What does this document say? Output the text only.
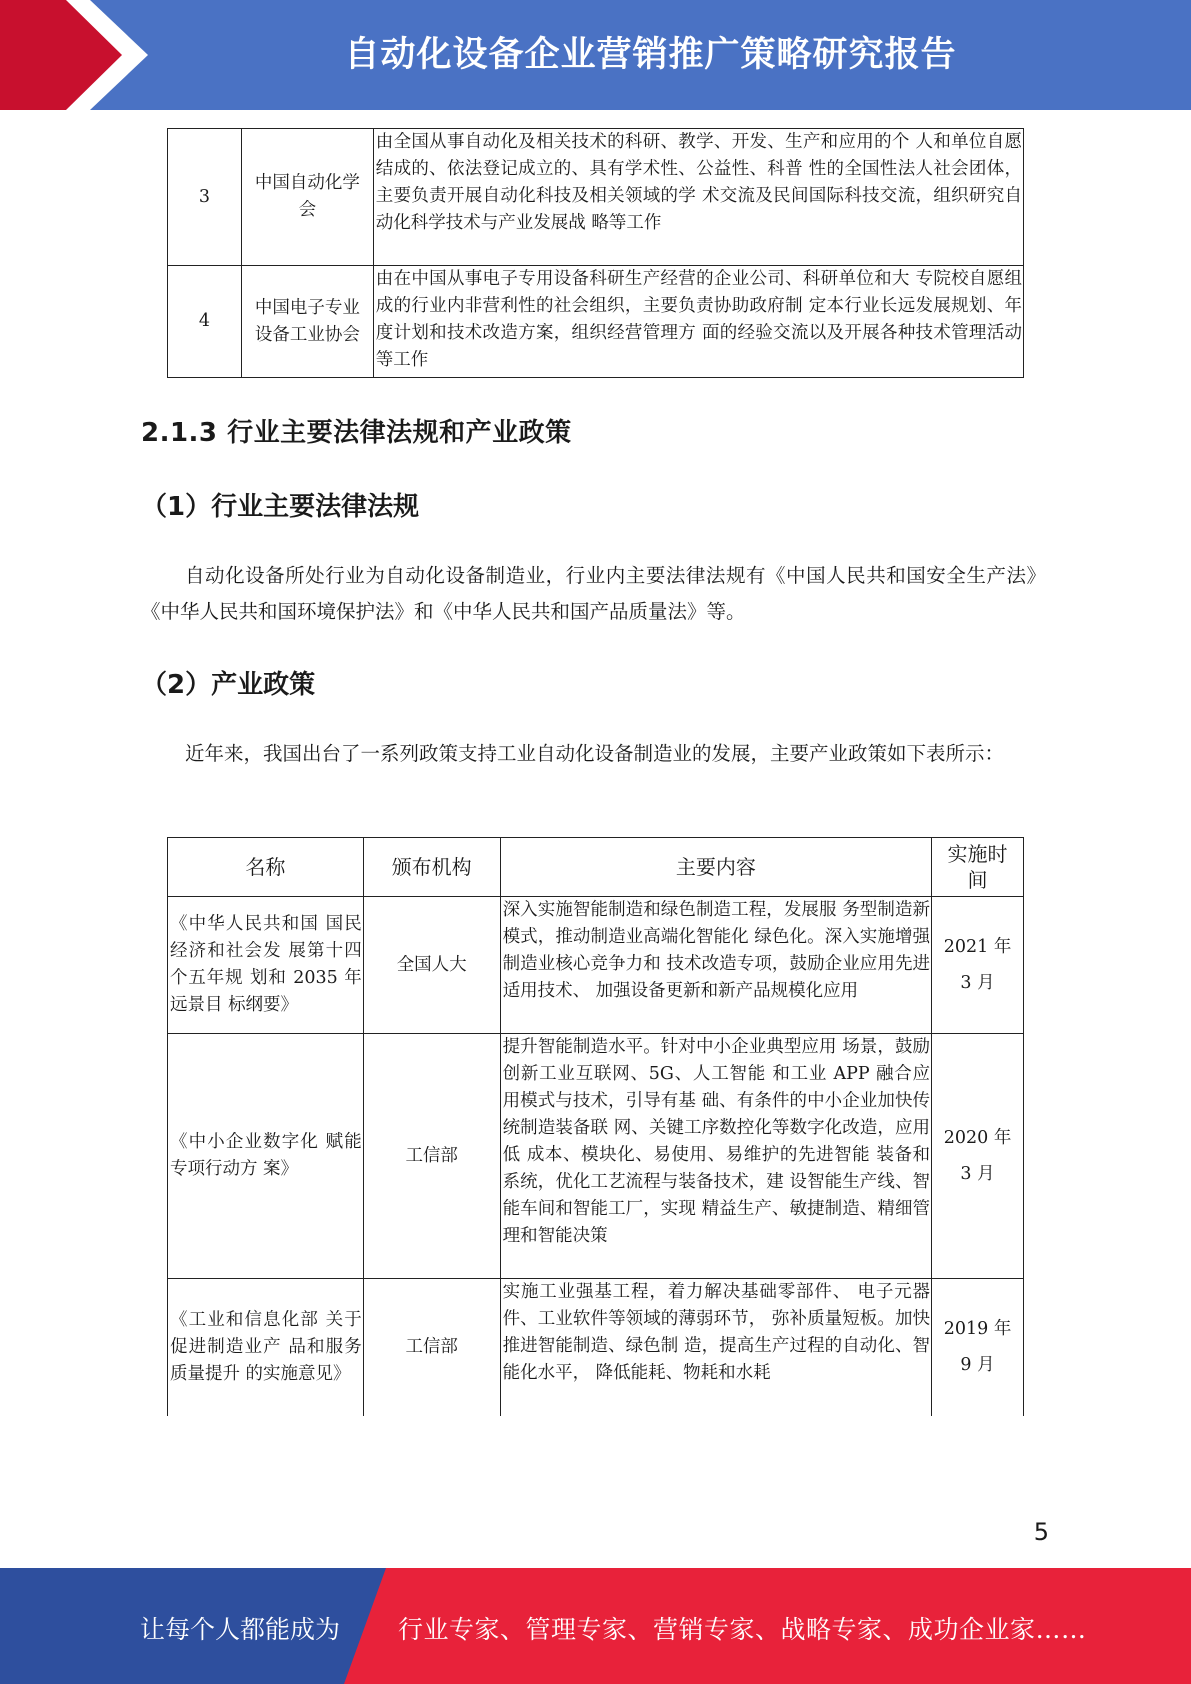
自动化设备企业营销推广策略研究报告
3	中国自动化学会	由全国从事自动化及相关技术的科研、教学、开发、生产和应用的个 人和单位自愿结成的、依法登记成立的、具有学术性、公益性、科普 性的全国性法人社会团体，主要负责开展自动化科技及相关领域的学 术交流及民间国际科技交流，组织研究自动化科学技术与产业发展战 略等工作
4	中国电子专业设备工业协会	由在中国从事电子专用设备科研生产经营的企业公司、科研单位和大 专院校自愿组成的行业内非营利性的社会组织，主要负责协助政府制 定本行业长远发展规划、年度计划和技术改造方案，组织经营管理方 面的经验交流以及开展各种技术管理活动等工作
2.1.3 行业主要法律法规和产业政策
（1）行业主要法律法规
自动化设备所处行业为自动化设备制造业，行业内主要法律法规有《中国人民共和国安全生产法》《中华人民共和国环境保护法》和《中华人民共和国产品质量法》等。
（2）产业政策
近年来，我国出台了一系列政策支持工业自动化设备制造业的发展，主要产业政策如下表所示：
名称	颁布机构	主要内容	实施时间
《中华人民共和国 国民经济和社会发 展第十四个五年规 划和 2035 年远景目 标纲要》	全国人大	深入实施智能制造和绿色制造工程，发展服 务型制造新模式，推动制造业高端化智能化 绿色化。深入实施增强制造业核心竞争力和 技术改造专项，鼓励企业应用先进适用技术、 加强设备更新和新产品规模化应用	2021 年 3 月
《中小企业数字化 赋能专项行动方 案》	工信部	提升智能制造水平。针对中小企业典型应用 场景，鼓励创新工业互联网、5G、人工智能 和工业 APP 融合应用模式与技术，引导有基 础、有条件的中小企业加快传统制造装备联 网、关键工序数控化等数字化改造，应用低 成本、模块化、易使用、易维护的先进智能 装备和系统，优化工艺流程与装备技术，建 设智能生产线、智能车间和智能工厂，实现 精益生产、敏捷制造、精细管理和智能决策	2020 年 3 月
《工业和信息化部 关于促进制造业产 品和服务质量提升 的实施意见》	工信部	实施工业强基工程，着力解决基础零部件、 电子元器件、工业软件等领域的薄弱环节， 弥补质量短板。加快推进智能制造、绿色制 造，提高生产过程的自动化、智能化水平， 降低能耗、物耗和水耗	2019 年 9 月
5
让每个人都能成为 行业专家、管理专家、营销专家、战略专家、成功企业家……
